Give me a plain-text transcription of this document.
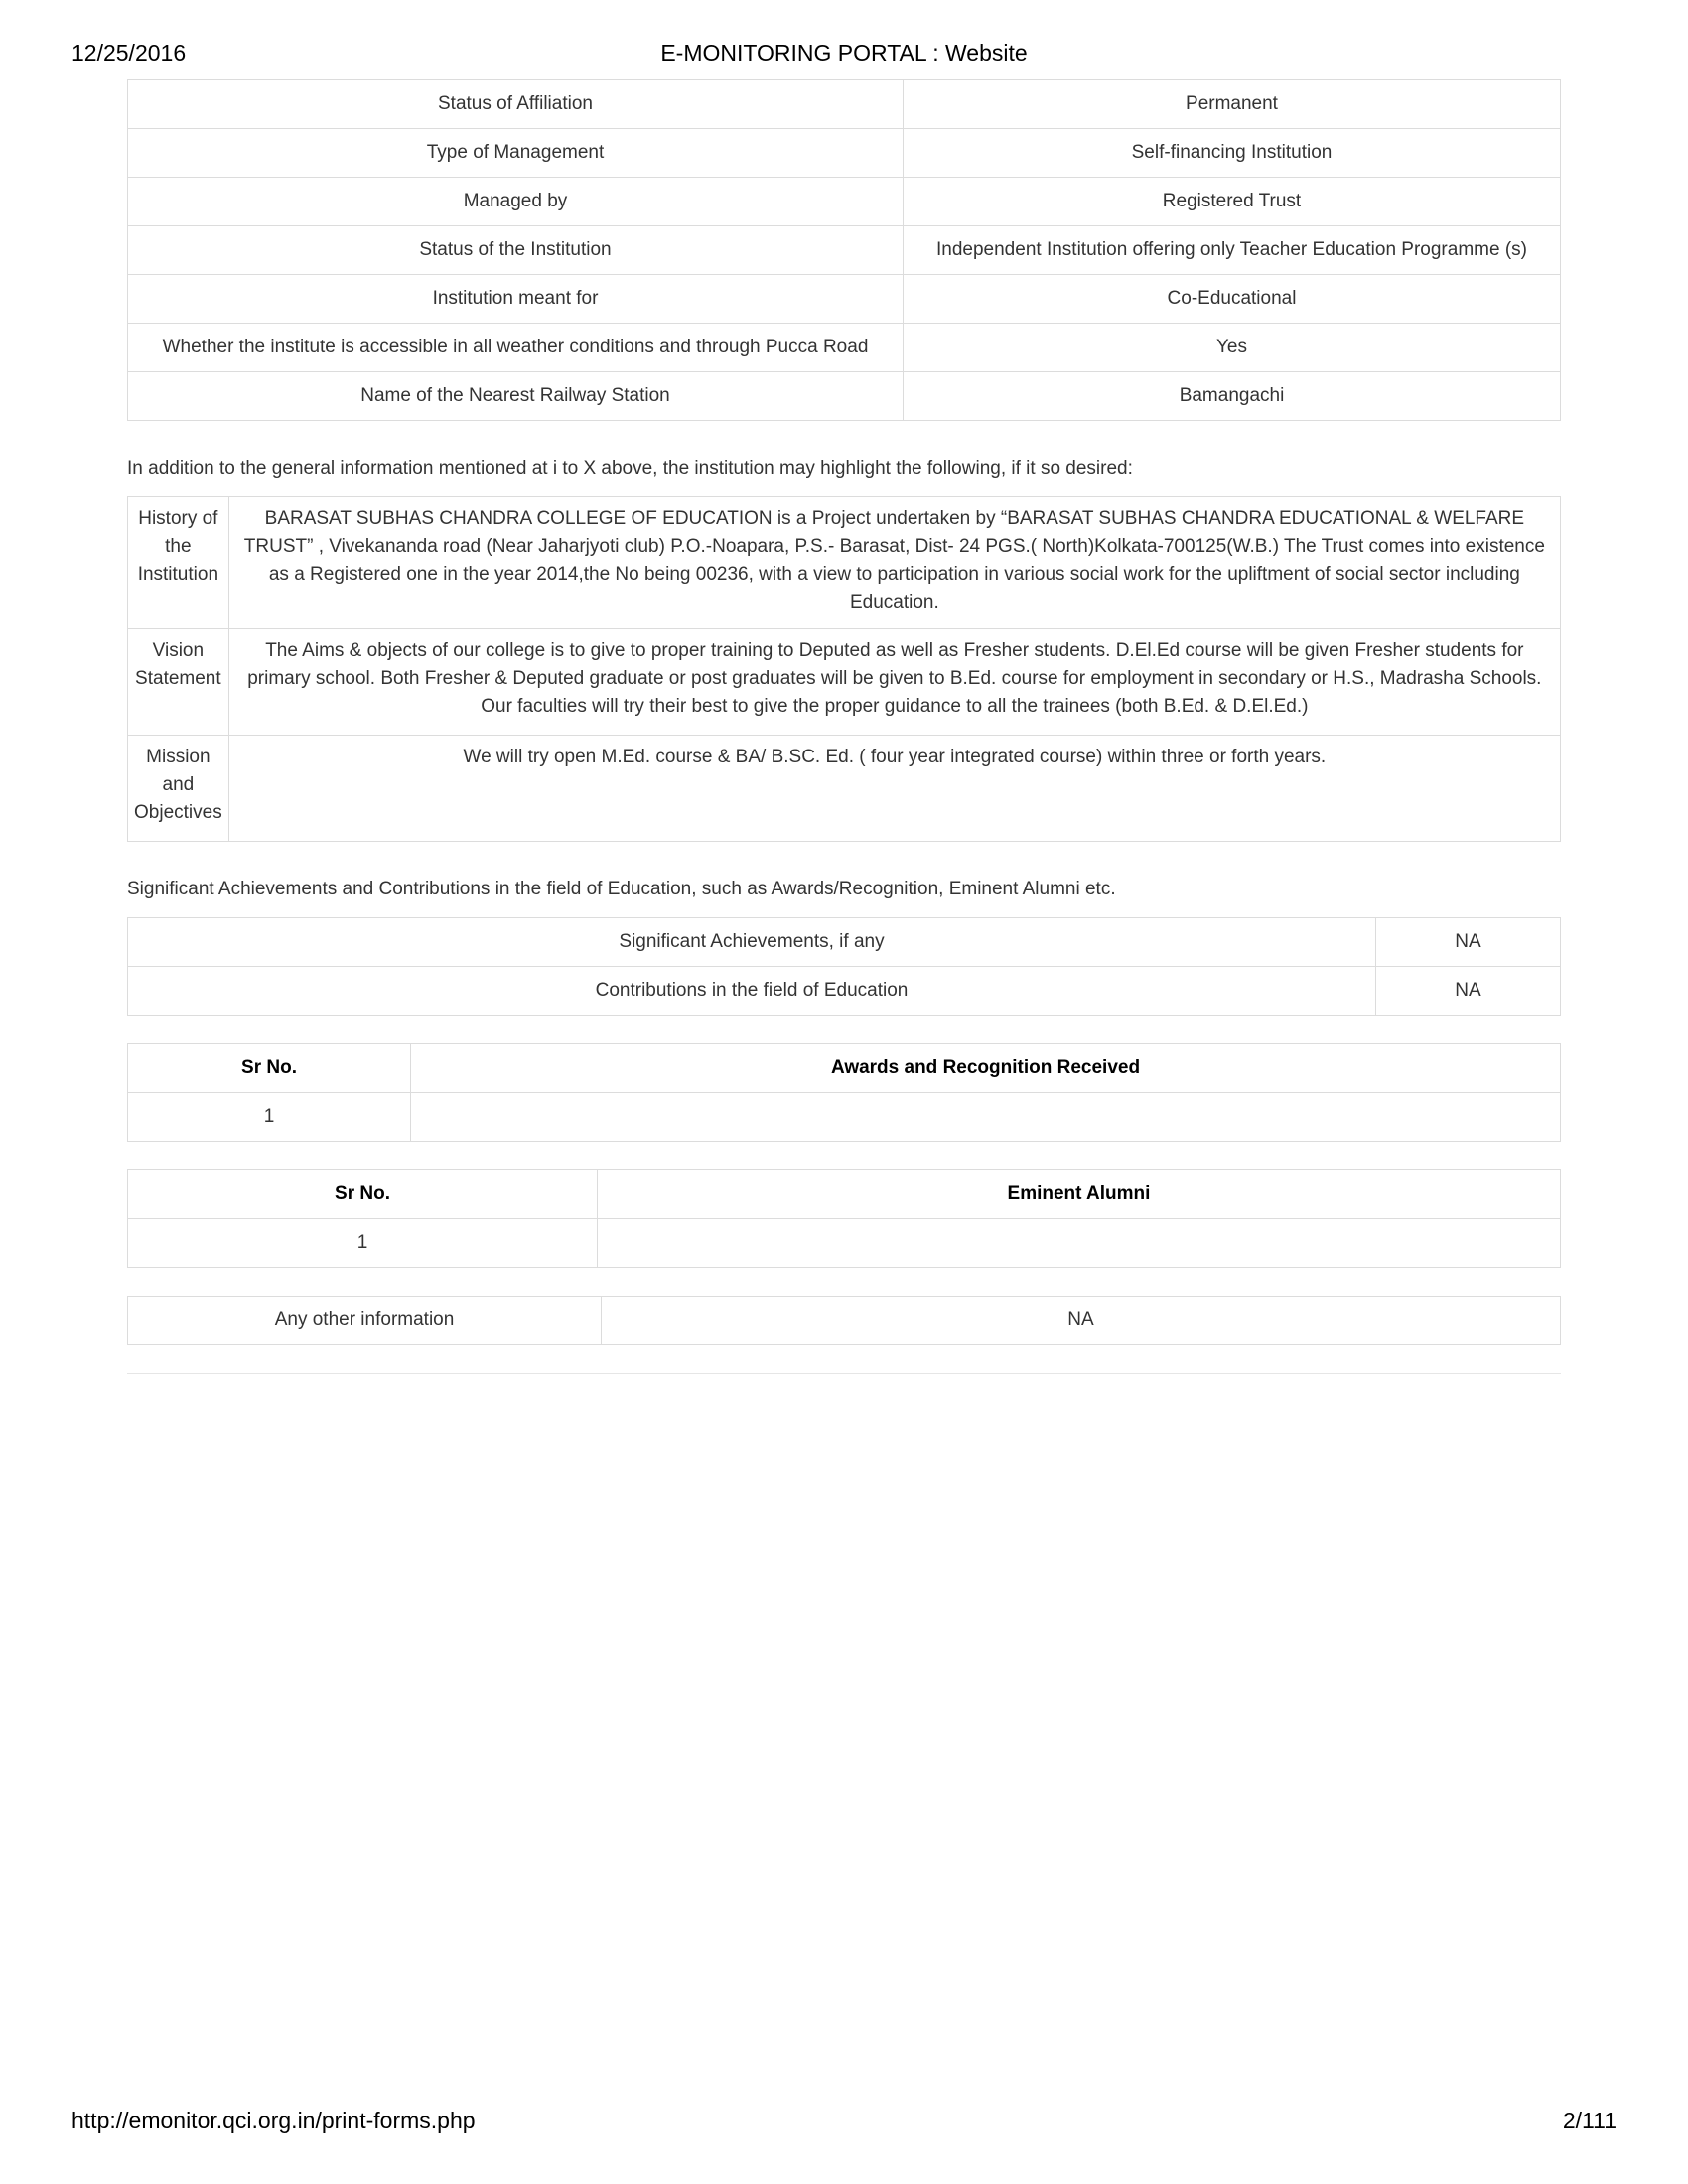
12/25/2016	E-MONITORING PORTAL : Website
Status of Affiliation	Permanent
Type of Management	Self-financing Institution
Managed by	Registered Trust
Status of the Institution	Independent Institution offering only Teacher Education Programme (s)
Institution meant for	Co-Educational
Whether the institute is accessible in all weather conditions and through Pucca Road	Yes
Name of the Nearest Railway Station	Bamangachi

In addition to the general information mentioned at i to X above, the institution may highlight the following, if it so desired:

History of the Institution	BARASAT SUBHAS CHANDRA COLLEGE OF EDUCATION is a Project undertaken by “BARASAT SUBHAS CHANDRA EDUCATIONAL & WELFARE TRUST” , Vivekananda road (Near Jaharjyoti club) P.O.-Noapara, P.S.- Barasat, Dist- 24 PGS.( North)Kolkata-700125(W.B.) The Trust comes into existence as a Registered one in the year 2014,the No being 00236, with a view to participation in various social work for the upliftment of social sector including Education.
Vision Statement	The Aims & objects of our college is to give to proper training to Deputed as well as Fresher students. D.El.Ed course will be given Fresher students for primary school. Both Fresher & Deputed graduate or post graduates will be given to B.Ed. course for employment in secondary or H.S., Madrasha Schools. Our faculties will try their best to give the proper guidance to all the trainees (both B.Ed. & D.El.Ed.)
Mission and Objectives	We will try open M.Ed. course & BA/ B.SC. Ed. ( four year integrated course) within three or forth years.

Significant Achievements and Contributions in the field of Education, such as Awards/Recognition, Eminent Alumni etc.

Significant Achievements, if any	NA
Contributions in the field of Education	NA
Sr No.	Awards and Recognition Received
1	
Sr No.	Eminent Alumni
1	
Any other information	NA
http://emonitor.qci.org.in/print-forms.php	2/111
